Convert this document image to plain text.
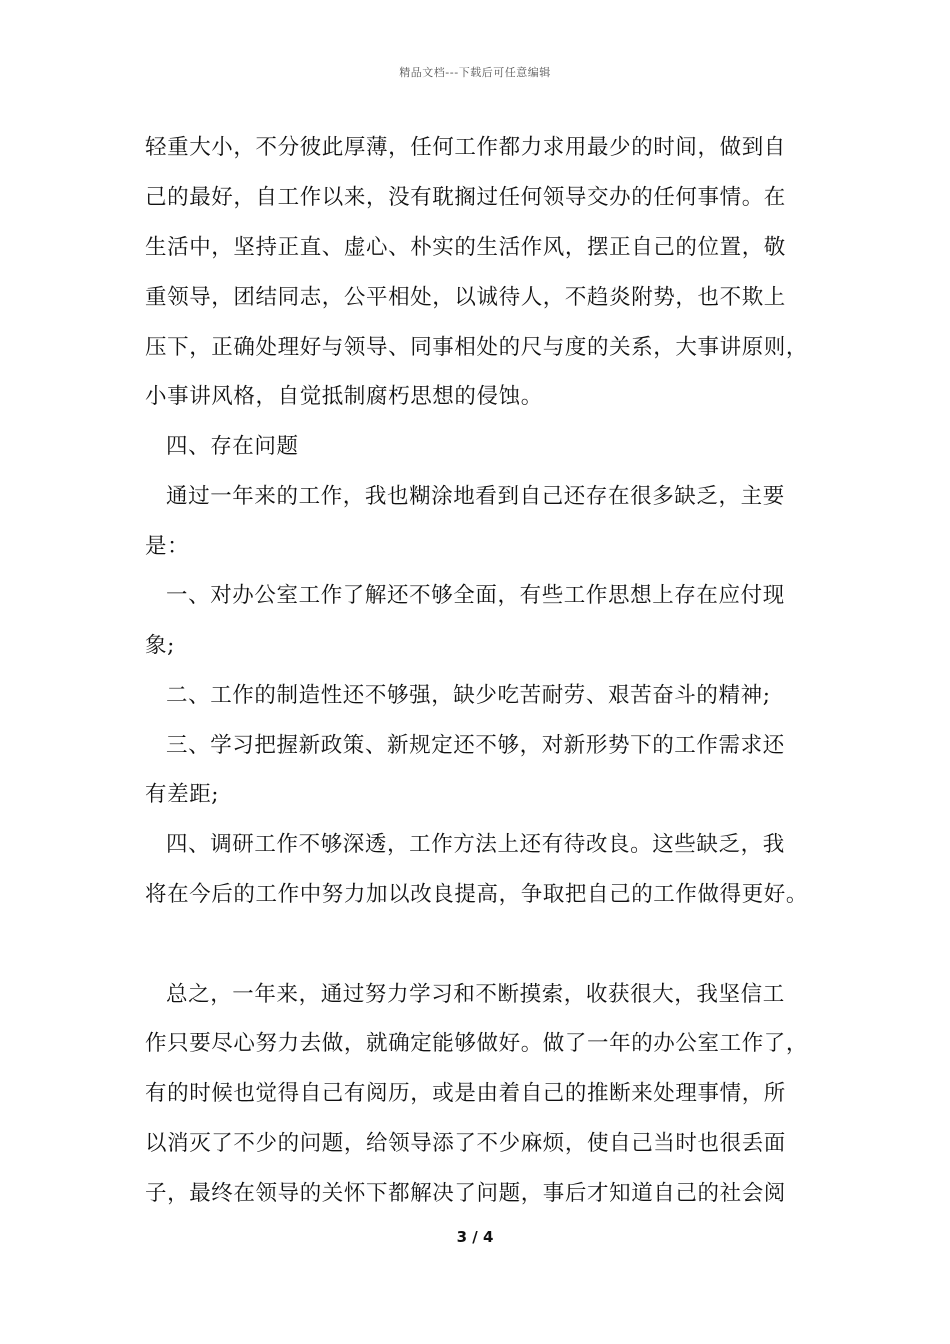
精品文档---下载后可任意编辑
轻重大小，不分彼此厚薄，任何工作都力求用最少的时间，做到自
己的最好，自工作以来，没有耽搁过任何领导交办的任何事情。在
生活中，坚持正直、虚心、朴实的生活作风，摆正自己的位置，敬
重领导，团结同志，公平相处，以诚待人，不趋炎附势，也不欺上
压下，正确处理好与领导、同事相处的尺与度的关系，大事讲原则，
小事讲风格，自觉抵制腐朽思想的侵蚀。
四、存在问题
通过一年来的工作，我也糊涂地看到自己还存在很多缺乏，主要
是：
一、对办公室工作了解还不够全面，有些工作思想上存在应付现
象;
二、工作的制造性还不够强，缺少吃苦耐劳、艰苦奋斗的精神;
三、学习把握新政策、新规定还不够，对新形势下的工作需求还
有差距;
四、调研工作不够深透，工作方法上还有待改良。这些缺乏，我
将在今后的工作中努力加以改良提高，争取把自己的工作做得更好。
总之，一年来，通过努力学习和不断摸索，收获很大，我坚信工
作只要尽心努力去做，就确定能够做好。做了一年的办公室工作了，
有的时候也觉得自己有阅历，或是由着自己的推断来处理事情，所
以消灭了不少的问题，给领导添了不少麻烦，使自己当时也很丢面
子，最终在领导的关怀下都解决了问题，事后才知道自己的社会阅
3 / 4
